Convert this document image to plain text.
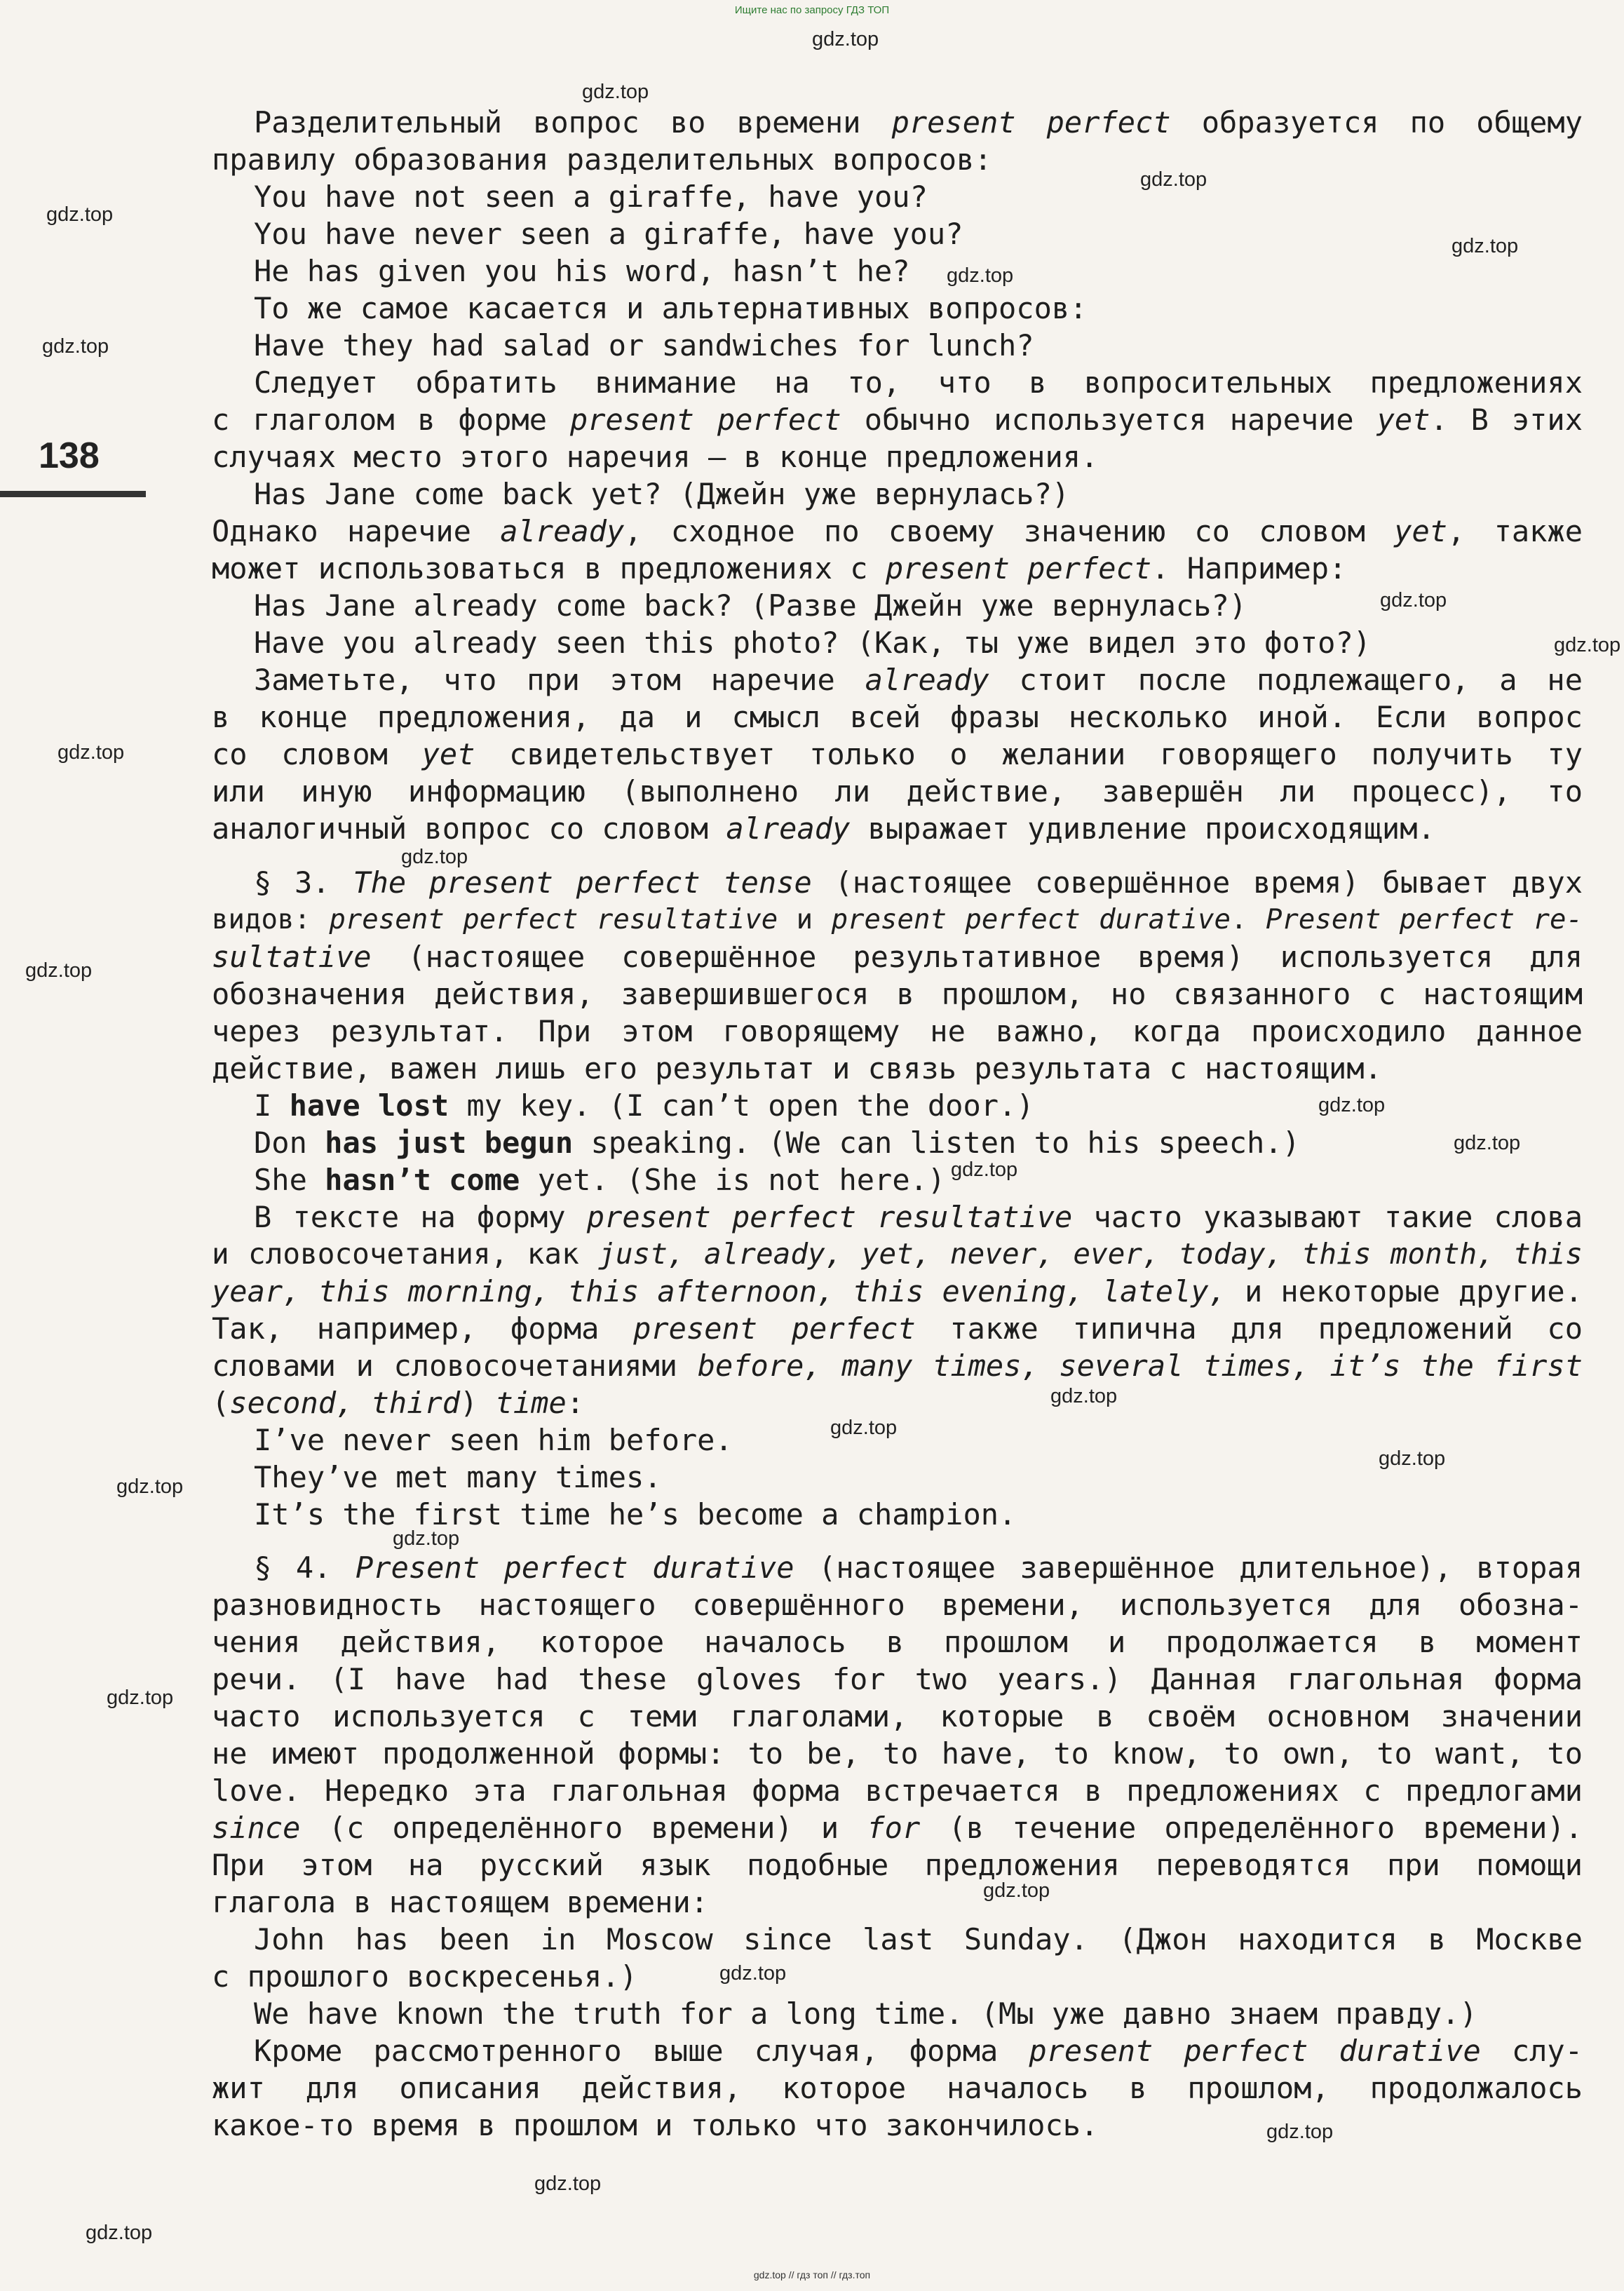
Ищите нас по запросу ГДЗ ТОП
138
gdz.top
gdz.top
gdz.top
gdz.top
gdz.top
gdz.top
gdz.top
gdz.top
gdz.top
gdz.top
gdz.top
gdz.top
gdz.top
gdz.top
gdz.top
gdz.top
gdz.top
gdz.top
gdz.top
gdz.top
gdz.top
gdz.top
gdz.top
gdz.top
gdz.top
gdz.top
Разделительный вопрос во времени present perfect образуется по общему
правилу образования разделительных вопросов:
You have not seen a giraffe, have you?
You have never seen a giraffe, have you?
He has given you his word, hasn’t he?
То же самое касается и альтернативных вопросов:
Have they had salad or sandwiches for lunch?
Следует обратить внимание на то, что в вопросительных предложениях
с глаголом в форме present perfect обычно используется наречие yet. В этих
случаях место этого наречия — в конце предложения.
Has Jane come back yet? (Джейн уже вернулась?)
Однако наречие already, сходное по своему значению со словом yet, также
может использоваться в предложениях с present perfect. Например:
Has Jane already come back? (Разве Джейн уже вернулась?)
Have you already seen this photo? (Как, ты уже видел это фото?)
Заметьте, что при этом наречие already стоит после подлежащего, а не
в конце предложения, да и смысл всей фразы несколько иной. Если вопрос
со словом yet свидетельствует только о желании говорящего получить ту
или иную информацию (выполнено ли действие, завершён ли процесс), то
аналогичный вопрос со словом already выражает удивление происходящим.
§ 3. The present perfect tense (настоящее совершённое время) бывает двух
видов: present perfect resultative и present perfect durative. Present perfect re-
sultative (настоящее совершённое результативное время) используется для
обозначения действия, завершившегося в прошлом, но связанного с настоящим
через результат. При этом говорящему не важно, когда происходило данное
действие, важен лишь его результат и связь результата с настоящим.
I have lost my key. (I can’t open the door.)
Don has just begun speaking. (We can listen to his speech.)
She hasn’t come yet. (She is not here.)
В тексте на форму present perfect resultative часто указывают такие слова
и словосочетания, как just, already, yet, never, ever, today, this month, this
year, this morning, this afternoon, this evening, lately, и некоторые другие.
Так, например, форма present perfect также типична для предложений со
словами и словосочетаниями before, many times, several times, it’s the first
(second, third) time:
I’ve never seen him before.
They’ve met many times.
It’s the first time he’s become a champion.
§ 4. Present perfect durative (настоящее завершённое длительное), вторая
разновидность настоящего совершённого времени, используется для обозна-
чения действия, которое началось в прошлом и продолжается в момент
речи. (I have had these gloves for two years.) Данная глагольная форма
часто используется с теми глаголами, которые в своём основном значении
не имеют продолженной формы: to be, to have, to know, to own, to want, to
love. Нередко эта глагольная форма встречается в предложениях с предлогами
since (с определённого времени) и for (в течение определённого времени).
При этом на русский язык подобные предложения переводятся при помощи
глагола в настоящем времени:
John has been in Moscow since last Sunday. (Джон находится в Москве
с прошлого воскресенья.)
We have known the truth for a long time. (Мы уже давно знаем правду.)
Кроме рассмотренного выше случая, форма present perfect durative слу-
жит для описания действия, которое началось в прошлом, продолжалось
какое-то время в прошлом и только что закончилось.
gdz.top // гдз топ // гдз.топ
